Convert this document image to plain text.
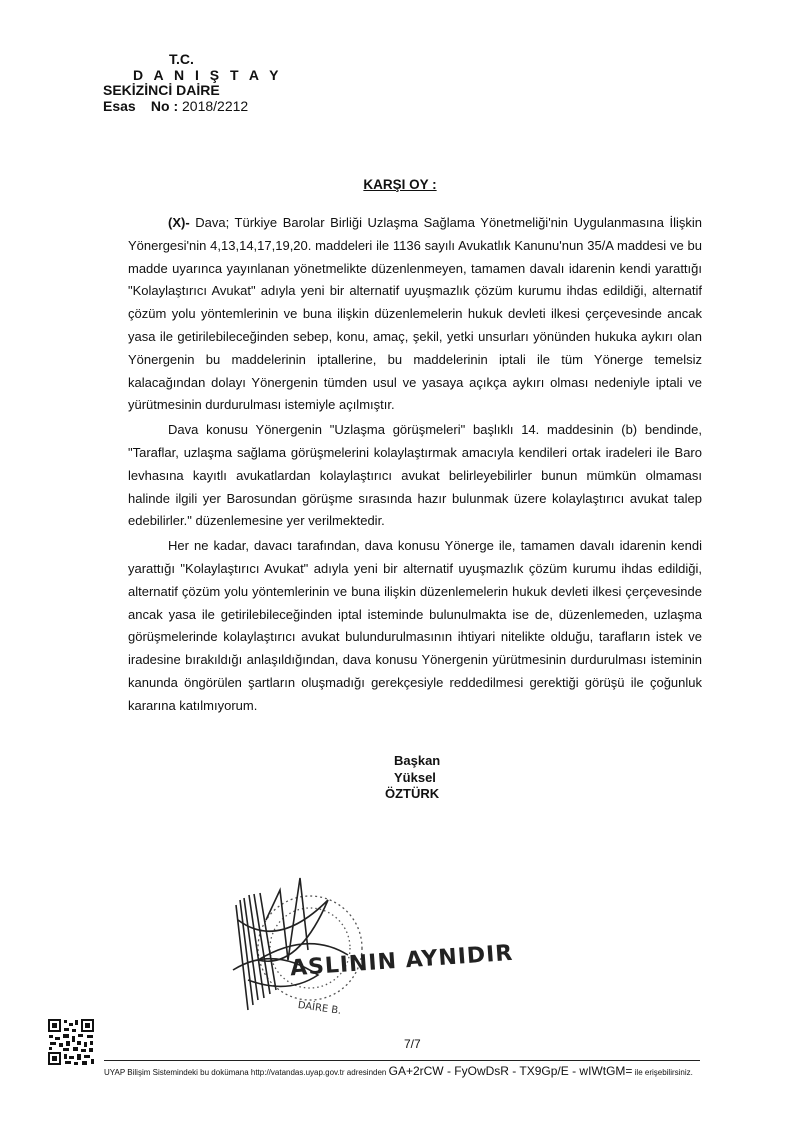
T.C.
D A N I Ş T A Y
SEKİZİNCİ DAİRE
Esas No : 2018/2212
KARŞI OY :

(X)- Dava; Türkiye Barolar Birliği Uzlaşma Sağlama Yönetmeliği'nin Uygulanmasına İlişkin Yönergesi'nin 4,13,14,17,19,20. maddeleri ile 1136 sayılı Avukatlık Kanunu'nun 35/A maddesi ve bu madde uyarınca yayınlanan yönetmelikte düzenlenmeyen, tamamen davalı idarenin kendi yarattığı "Kolaylaştırıcı Avukat" adıyla yeni bir alternatif uyuşmazlık çözüm kurumu ihdas edildiği, alternatif çözüm yolu yöntemlerinin ve buna ilişkin düzenlemelerin hukuk devleti ilkesi çerçevesinde ancak yasa ile getirilebileceğinden sebep, konu, amaç, şekil, yetki unsurları yönünden hukuka aykırı olan Yönergenin bu maddelerinin iptallerine, bu maddelerinin iptali ile tüm Yönerge temelsiz kalacağından dolayı Yönergenin tümden usul ve yasaya açıkça aykırı olması nedeniyle iptali ve yürütmesinin durdurulması istemiyle açılmıştır.

Dava konusu Yönergenin "Uzlaşma görüşmeleri" başlıklı 14. maddesinin (b) bendinde, "Taraflar, uzlaşma sağlama görüşmelerini kolaylaştırmak amacıyla kendileri ortak iradeleri ile Baro levhasına kayıtlı avukatlardan kolaylaştırıcı avukat belirleyebilirler bunun mümkün olmaması halinde ilgili yer Barosundan görüşme sırasında hazır bulunmak üzere kolaylaştırıcı avukat talep edebilirler." düzenlemesine yer verilmektedir.

Her ne kadar, davacı tarafından, dava konusu Yönerge ile, tamamen davalı idarenin kendi yarattığı "Kolaylaştırıcı Avukat" adıyla yeni bir alternatif uyuşmazlık çözüm kurumu ihdas edildiği, alternatif çözüm yolu yöntemlerinin ve buna ilişkin düzenlemelerin hukuk devleti ilkesi çerçevesinde ancak yasa ile getirilebileceğinden iptal isteminde bulunulmakta ise de, düzenlemeden, uzlaşma görüşmelerinde kolaylaştırıcı avukat bulundurulmasının ihtiyari nitelikte olduğu, tarafların istek ve iradesine bırakıldığı anlaşıldığından, dava konusu Yönergenin yürütmesinin durdurulması isteminin kanunda öngörülen şartların oluşmadığı gerekçesiyle reddedilmesi gerektiği görüşü ile çoğunluk kararına katılmıyorum.

Başkan
Yüksel
ÖZTÜRK
ASLININ AYNIDIR
DAİRE B.
7/7
UYAP Bilişim Sistemindeki bu dokümana http://vatandas.uyap.gov.tr adresinden GA+2rCW - FyOwDsR - TX9Gp/E - wIWtGM= ile erişebilirsiniz.
